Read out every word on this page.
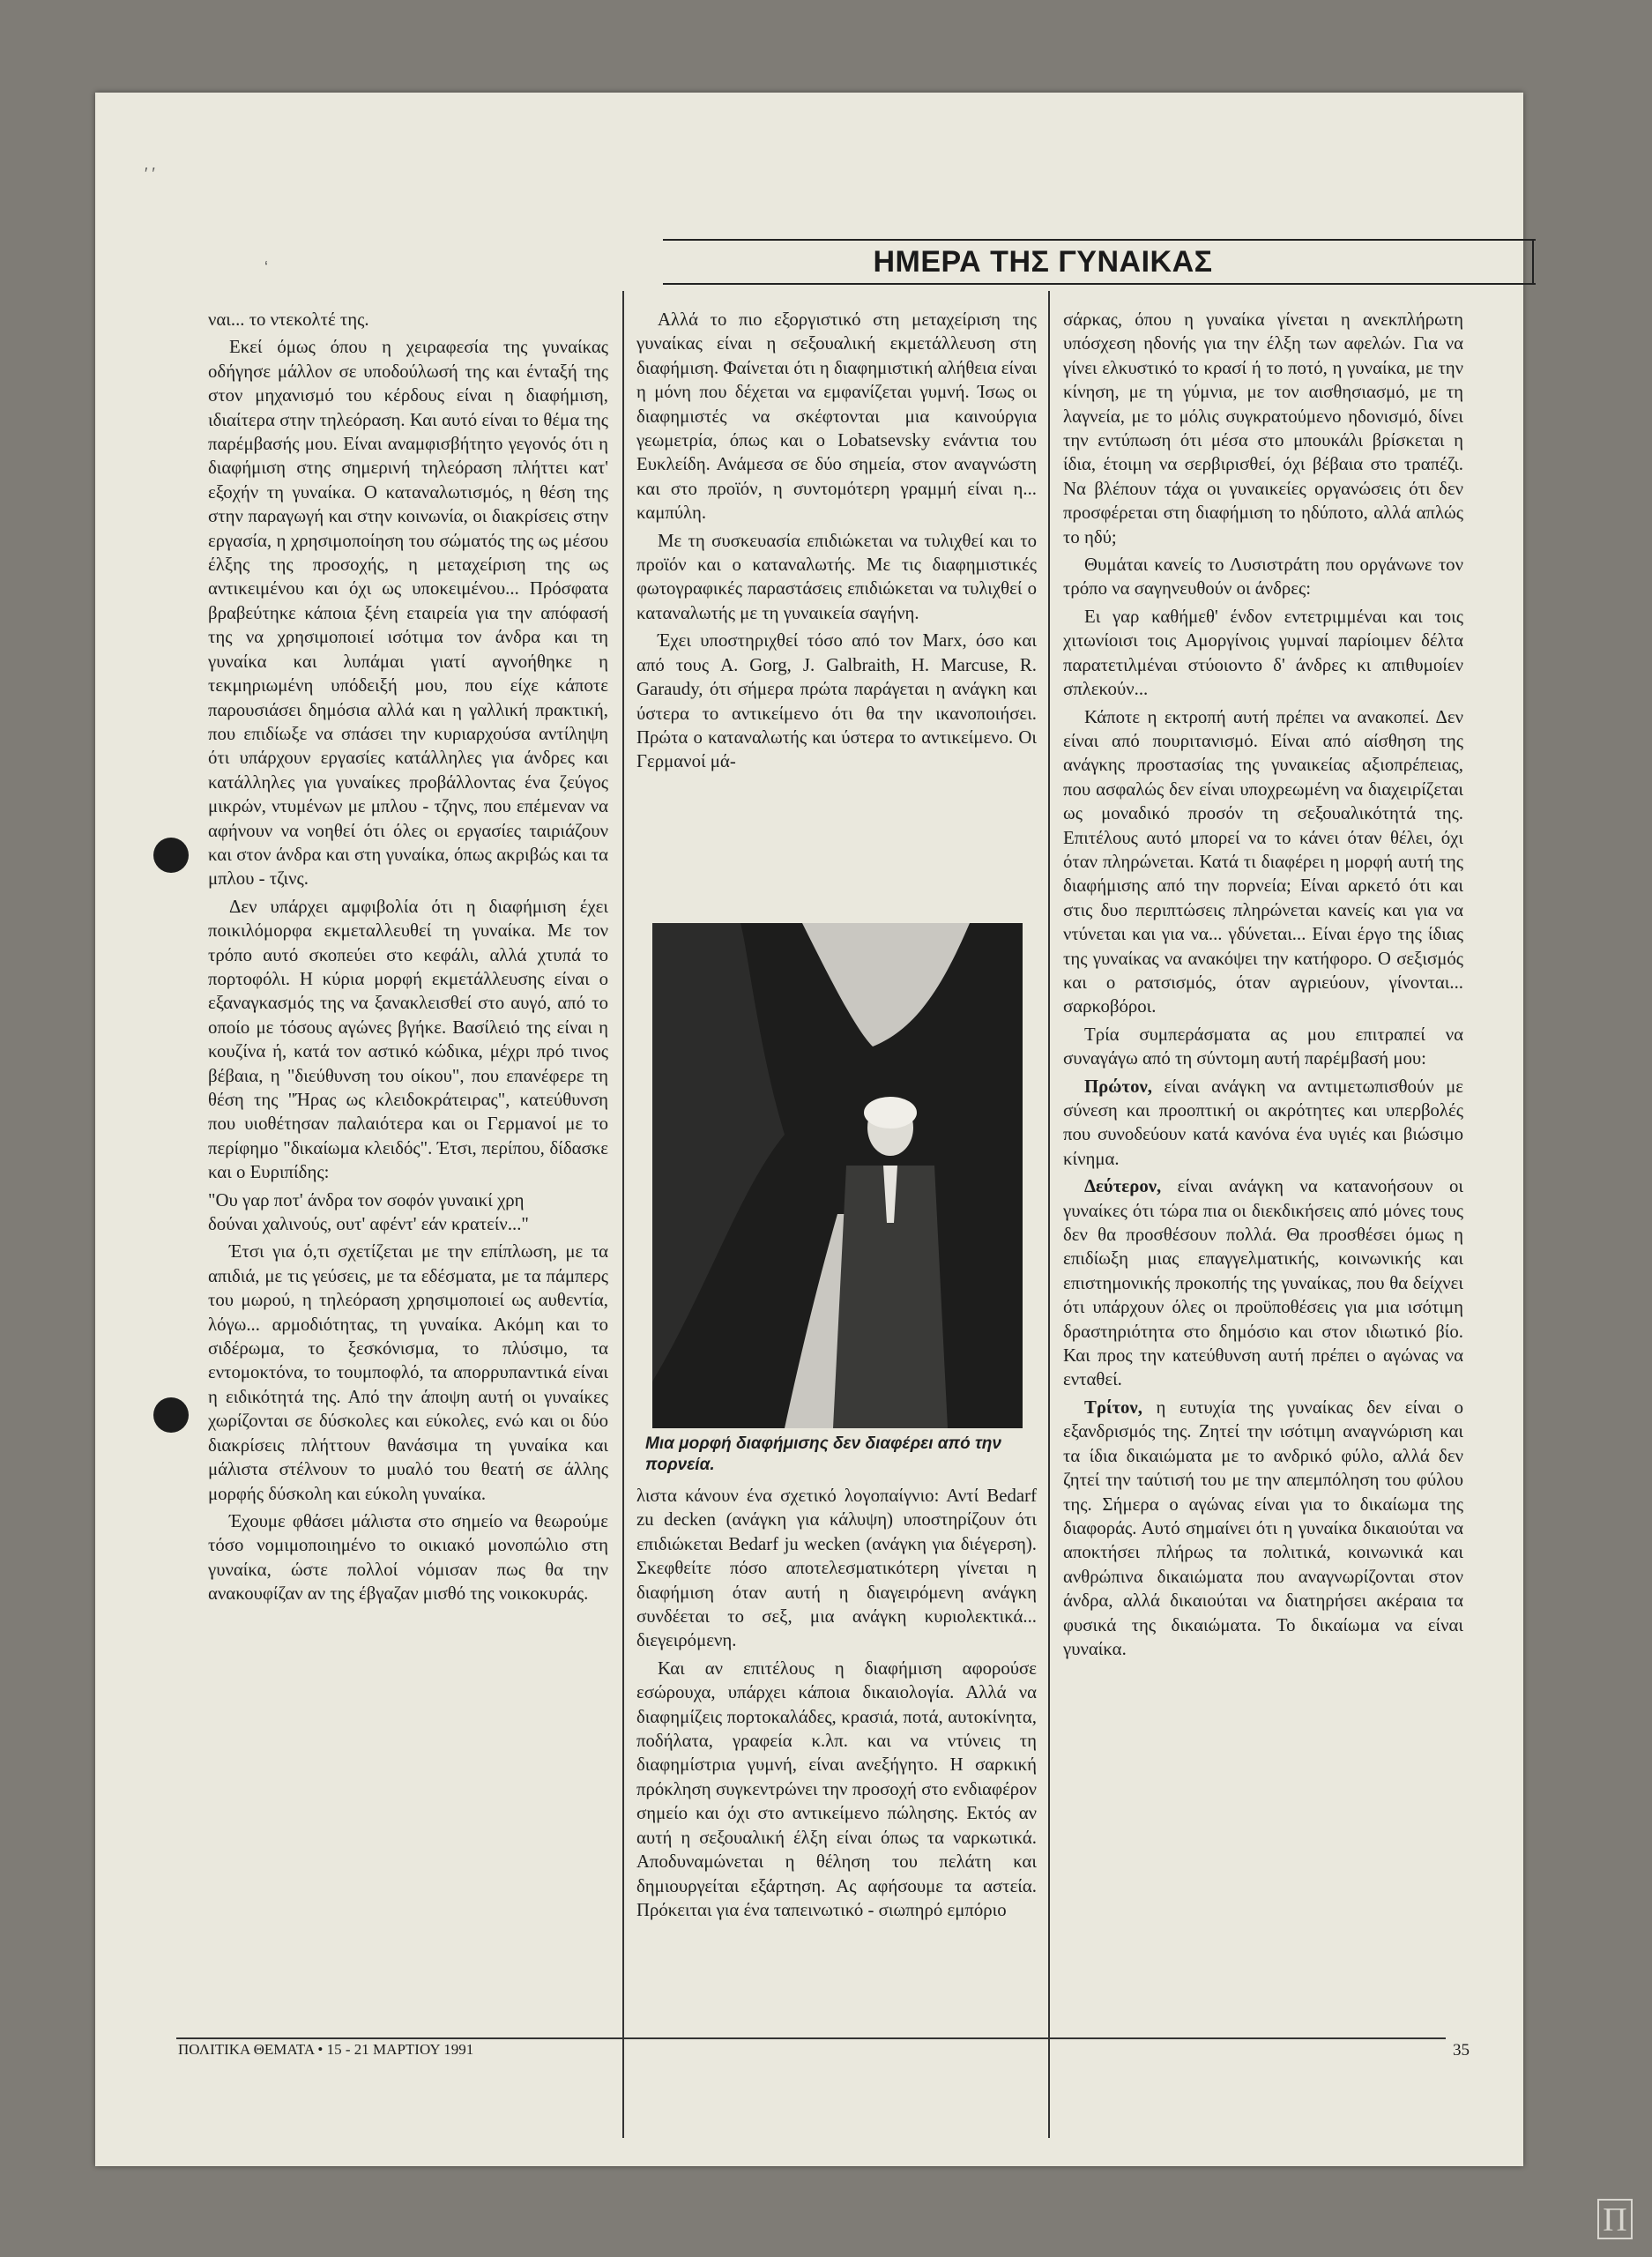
′ ′
‘	ΗΜΕΡΑ ΤΗΣ ΓΥΝΑΙΚΑΣ

ναι... το ντεκολτέ της.

Εκεί όμως όπου η χειραφεσία της γυναίκας οδήγησε μάλλον σε υποδούλωσή της και ένταξή της στον μηχανισμό του κέρδους είναι η διαφήμιση, ιδιαίτερα στην τηλεόραση. Και αυτό είναι το θέμα της παρέμβασής μου. Είναι αναμφισβήτητο γεγονός ότι η διαφήμιση στης σημερινή τηλεόραση πλήττει κατ' εξοχήν τη γυναίκα. Ο καταναλωτισμός, η θέση της στην παραγωγή και στην κοινωνία, οι διακρίσεις στην εργασία, η χρησιμοποίηση του σώματός της ως μέσου έλξης της προσοχής, η μεταχείριση της ως αντικειμένου και όχι ως υποκειμένου... Πρόσφατα βραβεύτηκε κάποια ξένη εταιρεία για την απόφασή της να χρησιμοποιεί ισότιμα τον άνδρα και τη γυναίκα και λυπάμαι γιατί αγνοήθηκε η τεκμηριωμένη υπόδειξή μου, που είχε κάποτε παρουσιάσει δημόσια αλλά και η γαλλική πρακτική, που επιδίωξε να σπάσει την κυριαρχούσα αντίληψη ότι υπάρχουν εργασίες κατάλληλες για άνδρες και κατάλληλες για γυναίκες προβάλλοντας ένα ζεύγος μικρών, ντυμένων με μπλου - τζηνς, που επέμεναν να αφήνουν να νοηθεί ότι όλες οι εργασίες ταιριάζουν και στον άνδρα και στη γυναίκα, όπως ακριβώς και τα μπλου - τζινς.

Δεν υπάρχει αμφιβολία ότι η διαφήμιση έχει ποικιλόμορφα εκμεταλλευθεί τη γυναίκα. Με τον τρόπο αυτό σκοπεύει στο κεφάλι, αλλά χτυπά το πορτοφόλι. Η κύρια μορφή εκμετάλλευσης είναι ο εξαναγκασμός της να ξανακλεισθεί στο αυγό, από το οποίο με τόσους αγώνες βγήκε. Βασίλειό της είναι η κουζίνα ή, κατά τον αστικό κώδικα, μέχρι πρό τινος βέβαια, η "διεύθυνση του οίκου", που επανέφερε τη θέση της "Ήρας ως κλειδοκράτειρας", κατεύθυνση που υιοθέτησαν παλαιότερα και οι Γερμανοί με το περίφημο "δικαίωμα κλειδός". Έτσι, περίπου, δίδασκε και ο Ευριπίδης:

"Ου γαρ ποτ' άνδρα τον σοφόν γυναικί χρη

δούναι χαλινούς, ουτ' αφέντ' εάν κρατείν..."

Έτσι για ό,τι σχετίζεται με την επίπλωση, με τα απιδιά, με τις γεύσεις, με τα εδέσματα, με τα πάμπερς του μωρού, η τηλεόραση χρησιμοποιεί ως αυθεντία, λόγω... αρμοδιότητας, τη γυναίκα. Ακόμη και το σιδέρωμα, το ξεσκόνισμα, το πλύσιμο, τα εντομοκτόνα, το τουμποφλό, τα απορρυπαντικά είναι η ειδικότητά της. Από την άποψη αυτή οι γυναίκες χωρίζονται σε δύσκολες και εύκολες, ενώ και οι δύο διακρίσεις πλήττουν θανάσιμα τη γυναίκα και μάλιστα στέλνουν το μυαλό του θεατή σε άλλης μορφής δύσκολη και εύκολη γυναίκα.

Έχουμε φθάσει μάλιστα στο σημείο να θεωρούμε τόσο νομιμοποιημένο το οικιακό μονοπώλιο στη γυναίκα, ώστε πολλοί νόμισαν πως θα την ανακουφίζαν αν της έβγαζαν μισθό της νοικοκυράς.

Αλλά το πιο εξοργιστικό στη μεταχείριση της γυναίκας είναι η σεξουαλική εκμετάλλευση στη διαφήμιση. Φαίνεται ότι η διαφημιστική αλήθεια είναι η μόνη που δέχεται να εμφανίζεται γυμνή. Ίσως οι διαφημιστές να σκέφτονται μια καινούργια γεωμετρία, όπως και ο Lobatsevsky ενάντια του Ευκλείδη. Ανάμεσα σε δύο σημεία, στον αναγνώστη και στο προϊόν, η συντομότερη γραμμή είναι η... καμπύλη.

Με τη συσκευασία επιδιώκεται να τυλιχθεί και το προϊόν και ο καταναλωτής. Με τις διαφημιστικές φωτογραφικές παραστάσεις επιδιώκεται να τυλιχθεί ο καταναλωτής με τη γυναικεία σαγήνη.

Έχει υποστηριχθεί τόσο από τον Marx, όσο και από τους A. Gorg, J. Galbraith, H. Marcuse, R. Garaudy, ότι σήμερα πρώτα παράγεται η ανάγκη και ύστερα το αντικείμενο ότι θα την ικανοποιήσει. Πρώτα ο καταναλωτής και ύστερα το αντικείμενο. Οι Γερμανοί μά-

Μια μορφή διαφήμισης δεν διαφέρει από την πορνεία.

λιστα κάνουν ένα σχετικό λογοπαίγνιο: Αντί Bedarf zu decken (ανάγκη για κάλυψη) υποστηρίζουν ότι επιδιώκεται Bedarf ju wecken (ανάγκη για διέγερση). Σκεφθείτε πόσο αποτελεσματικότερη γίνεται η διαφήμιση όταν αυτή η διαγειρόμενη ανάγκη συνδέεται το σεξ, μια ανάγκη κυριολεκτικά... διεγειρόμενη.

Και αν επιτέλους η διαφήμιση αφορούσε εσώρουχα, υπάρχει κάποια δικαιολογία. Αλλά να διαφημίζεις πορτοκαλάδες, κρασιά, ποτά, αυτοκίνητα, ποδήλατα, γραφεία κ.λπ. και να ντύνεις τη διαφημίστρια γυμνή, είναι ανεξήγητο. Η σαρκική πρόκληση συγκεντρώνει την προσοχή στο ενδιαφέρον σημείο και όχι στο αντικείμενο πώλησης. Εκτός αν αυτή η σεξουαλική έλξη είναι όπως τα ναρκωτικά. Αποδυναμώνεται η θέληση του πελάτη και δημιουργείται εξάρτηση. Ας αφήσουμε τα αστεία. Πρόκειται για ένα ταπεινωτικό - σιωπηρό εμπόριο

σάρκας, όπου η γυναίκα γίνεται η ανεκπλήρωτη υπόσχεση ηδονής για την έλξη των αφελών. Για να γίνει ελκυστικό το κρασί ή το ποτό, η γυναίκα, με την κίνηση, με τη γύμνια, με τον αισθησιασμό, με τη λαγνεία, με το μόλις συγκρατούμενο ηδονισμό, δίνει την εντύπωση ότι μέσα στο μπουκάλι βρίσκεται η ίδια, έτοιμη να σερβιρισθεί, όχι βέβαια στο τραπέζι. Να βλέπουν τάχα οι γυναικείες οργανώσεις ότι δεν προσφέρεται στη διαφήμιση το ηδύποτο, αλλά απλώς το ηδύ;

Θυμάται κανείς το Λυσιστράτη που οργάνωνε τον τρόπο να σαγηνευθούν οι άνδρες:

Ει γαρ καθήμεθ' ένδον εντετριμμέναι και τοις χιτωνίοισι τοις Αμοργίνοις γυμναί παρίοιμεν δέλτα παρατετιλμέναι στύοιοντο δ' άνδρες κι απιθυμοίεν σπλεκούν...

Κάποτε η εκτροπή αυτή πρέπει να ανακοπεί. Δεν είναι από πουριτανισμό. Είναι από αίσθηση της ανάγκης προστασίας της γυναικείας αξιοπρέπειας, που ασφαλώς δεν είναι υποχρεωμένη να διαχειρίζεται ως μοναδικό προσόν τη σεξουαλικότητά της. Επιτέλους αυτό μπορεί να το κάνει όταν θέλει, όχι όταν πληρώνεται. Κατά τι διαφέρει η μορφή αυτή της διαφήμισης από την πορνεία; Είναι αρκετό ότι και στις δυο περιπτώσεις πληρώνεται κανείς και για να ντύνεται και για να... γδύνεται... Είναι έργο της ίδιας της γυναίκας να ανακόψει την κατήφορο. Ο σεξισμός και ο ρατσισμός, όταν αγριεύουν, γίνονται... σαρκοβόροι.

Τρία συμπεράσματα ας μου επιτραπεί να συναγάγω από τη σύντομη αυτή παρέμβασή μου:

Πρώτον, είναι ανάγκη να αντιμετωπισθούν με σύνεση και προοπτική οι ακρότητες και υπερβολές που συνοδεύουν κατά κανόνα ένα υγιές και βιώσιμο κίνημα.

Δεύτερον, είναι ανάγκη να κατανοήσουν οι γυναίκες ότι τώρα πια οι διεκδικήσεις από μόνες τους δεν θα προσθέσουν πολλά. Θα προσθέσει όμως η επιδίωξη μιας επαγγελματικής, κοινωνικής και επιστημονικής προκοπής της γυναίκας, που θα δείχνει ότι υπάρχουν όλες οι προϋποθέσεις για μια ισότιμη δραστηριότητα στο δημόσιο και στον ιδιωτικό βίο. Και προς την κατεύθυνση αυτή πρέπει ο αγώνας να ενταθεί.

Τρίτον, η ευτυχία της γυναίκας δεν είναι ο εξανδρισμός της. Ζητεί την ισότιμη αναγνώριση και τα ίδια δικαιώματα με το ανδρικό φύλο, αλλά δεν ζητεί την ταύτισή του με την απεμπόληση του φύλου της. Σήμερα ο αγώνας είναι για το δικαίωμα της διαφοράς. Αυτό σημαίνει ότι η γυναίκα δικαιούται να αποκτήσει πλήρως τα πολιτικά, κοινωνικά και ανθρώπινα δικαιώματα που αναγνωρίζονται στον άνδρα, αλλά δικαιούται να διατηρήσει ακέραια τα φυσικά της δικαιώματα. Το δικαίωμα να είναι γυναίκα.

ΠΟΛΙΤΙΚΑ ΘΕΜΑΤΑ • 15 - 21 ΜΑΡΤΙΟΥ 1991	35
Π
